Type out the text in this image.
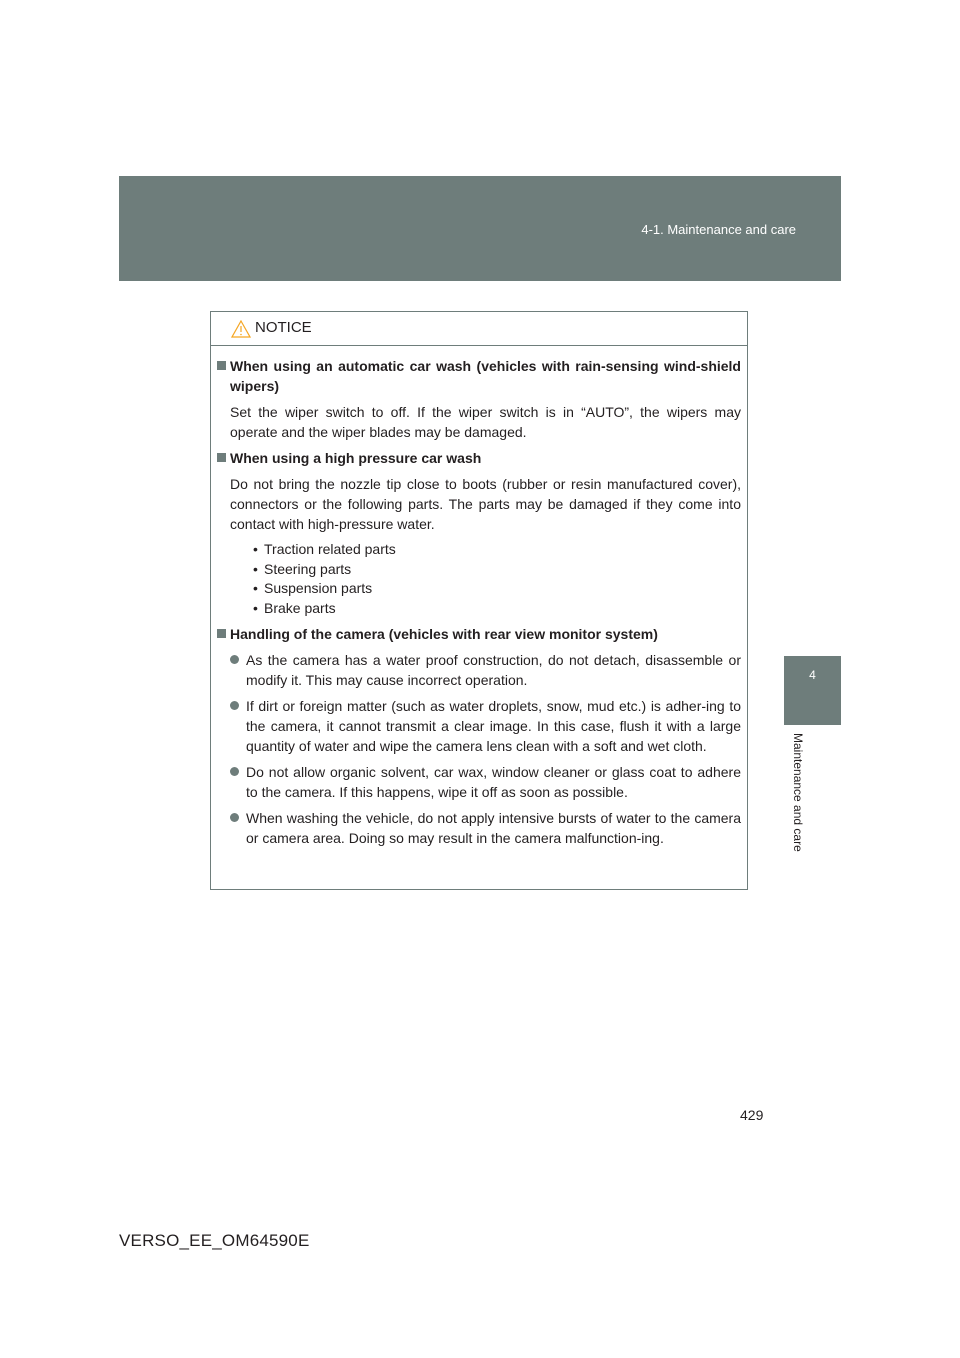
4-1. Maintenance and care
4
Maintenance and care
NOTICE
When using an automatic car wash (vehicles with rain-sensing wind-shield wipers)
Set the wiper switch to off. If the wiper switch is in “AUTO”, the wipers may operate and the wiper blades may be damaged.
When using a high pressure car wash
Do not bring the nozzle tip close to boots (rubber or resin manufactured cover), connectors or the following parts. The parts may be damaged if they come into contact with high-pressure water.
• Traction related parts
• Steering parts
• Suspension parts
• Brake parts
Handling of the camera (vehicles with rear view monitor system)
As the camera has a water proof construction, do not detach, disassemble or modify it. This may cause incorrect operation.
If dirt or foreign matter (such as water droplets, snow, mud etc.) is adher-ing to the camera, it cannot transmit a clear image. In this case, flush it with a large quantity of water and wipe the camera lens clean with a soft and wet cloth.
Do not allow organic solvent, car wax, window cleaner or glass coat to adhere to the camera. If this happens, wipe it off as soon as possible.
When washing the vehicle, do not apply intensive bursts of water to the camera or camera area. Doing so may result in the camera malfunction-ing.
429
VERSO_EE_OM64590E
